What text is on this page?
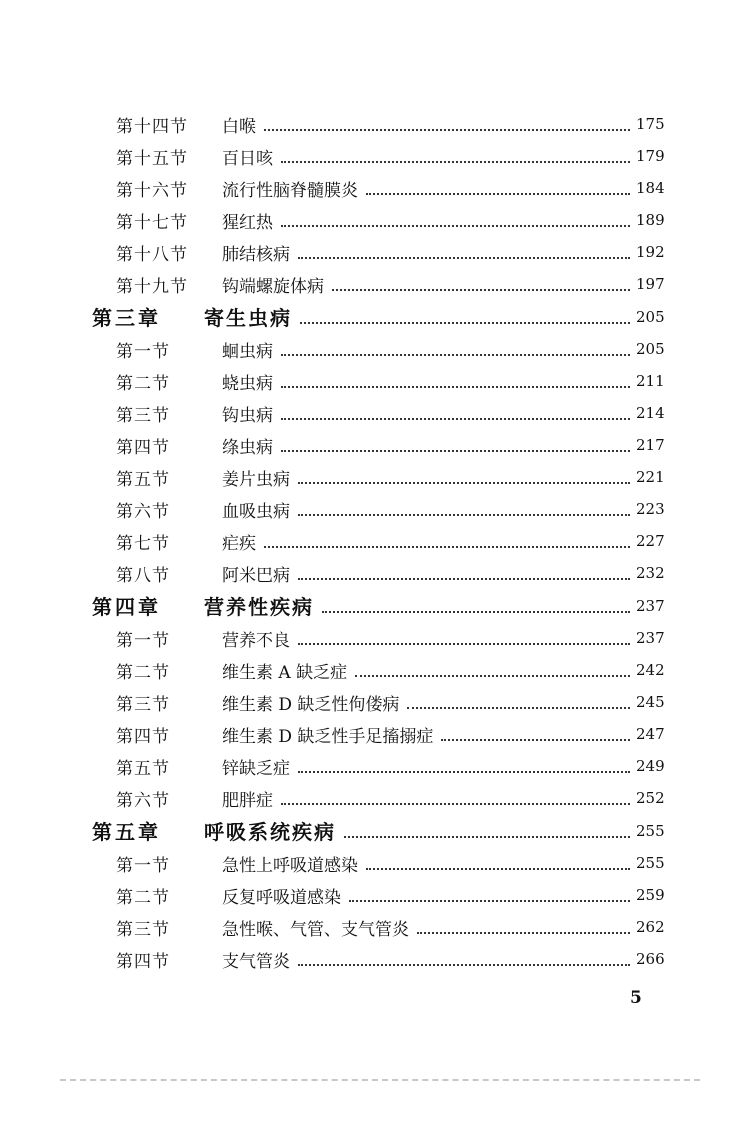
第十四节	白喉	175
第十五节	百日咳	179
第十六节	流行性脑脊髓膜炎	184
第十七节	猩红热	189
第十八节	肺结核病	192
第十九节	钩端螺旋体病	197
第三章	寄生虫病	205
第一节	蛔虫病	205
第二节	蛲虫病	211
第三节	钩虫病	214
第四节	绦虫病	217
第五节	姜片虫病	221
第六节	血吸虫病	223
第七节	疟疾	227
第八节	阿米巴病	232
第四章	营养性疾病	237
第一节	营养不良	237
第二节	维生素 A 缺乏症	242
第三节	维生素 D 缺乏性佝偻病	245
第四节	维生素 D 缺乏性手足搐搦症	247
第五节	锌缺乏症	249
第六节	肥胖症	252
第五章	呼吸系统疾病	255
第一节	急性上呼吸道感染	255
第二节	反复呼吸道感染	259
第三节	急性喉、气管、支气管炎	262
第四节	支气管炎	266
5
